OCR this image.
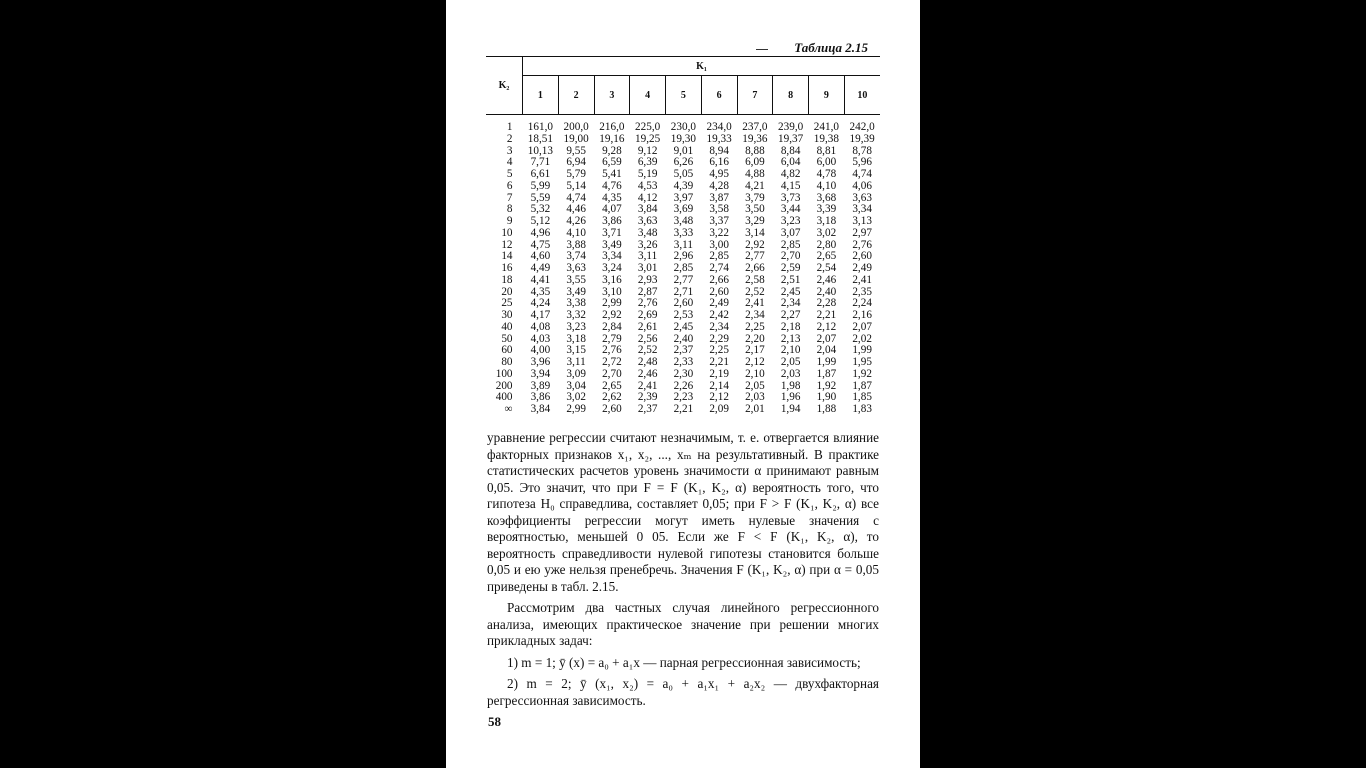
Таблица 2.15
K₂	K₁									
	1	2	3	4	5	6	7	8	9	10

1	161,0	200,0	216,0	225,0	230,0	234,0	237,0	239,0	241,0	242,0
2	18,51	19,00	19,16	19,25	19,30	19,33	19,36	19,37	19,38	19,39
3	10,13	9,55	9,28	9,12	9,01	8,94	8,88	8,84	8,81	8,78
4	7,71	6,94	6,59	6,39	6,26	6,16	6,09	6,04	6,00	5,96
5	6,61	5,79	5,41	5,19	5,05	4,95	4,88	4,82	4,78	4,74
6	5,99	5,14	4,76	4,53	4,39	4,28	4,21	4,15	4,10	4,06
7	5,59	4,74	4,35	4,12	3,97	3,87	3,79	3,73	3,68	3,63
8	5,32	4,46	4,07	3,84	3,69	3,58	3,50	3,44	3,39	3,34
9	5,12	4,26	3,86	3,63	3,48	3,37	3,29	3,23	3,18	3,13
10	4,96	4,10	3,71	3,48	3,33	3,22	3,14	3,07	3,02	2,97
12	4,75	3,88	3,49	3,26	3,11	3,00	2,92	2,85	2,80	2,76
14	4,60	3,74	3,34	3,11	2,96	2,85	2,77	2,70	2,65	2,60
16	4,49	3,63	3,24	3,01	2,85	2,74	2,66	2,59	2,54	2,49
18	4,41	3,55	3,16	2,93	2,77	2,66	2,58	2,51	2,46	2,41
20	4,35	3,49	3,10	2,87	2,71	2,60	2,52	2,45	2,40	2,35
25	4,24	3,38	2,99	2,76	2,60	2,49	2,41	2,34	2,28	2,24
30	4,17	3,32	2,92	2,69	2,53	2,42	2,34	2,27	2,21	2,16
40	4,08	3,23	2,84	2,61	2,45	2,34	2,25	2,18	2,12	2,07
50	4,03	3,18	2,79	2,56	2,40	2,29	2,20	2,13	2,07	2,02
60	4,00	3,15	2,76	2,52	2,37	2,25	2,17	2,10	2,04	1,99
80	3,96	3,11	2,72	2,48	2,33	2,21	2,12	2,05	1,99	1,95
100	3,94	3,09	2,70	2,46	2,30	2,19	2,10	2,03	1,87	1,92
200	3,89	3,04	2,65	2,41	2,26	2,14	2,05	1,98	1,92	1,87
400	3,86	3,02	2,62	2,39	2,23	2,12	2,03	1,96	1,90	1,85
∞	3,84	2,99	2,60	2,37	2,21	2,09	2,01	1,94	1,88	1,83

уравнение регрессии считают незначимым, т. е. отвергается влияние факторных признаков x₁, x₂, ..., xₘ на результативный. В практике статистических расчетов уровень значимости α принимают равным 0,05. Это значит, что при F = F (K₁, K₂, α) вероятность того, что гипотеза H₀ справедлива, составляет 0,05; при F > F (K₁, K₂, α) все коэффициенты регрессии могут иметь нулевые значения с вероятностью, меньшей 0 05. Если же F < F (K₁, K₂, α), то вероятность справедливости нулевой гипотезы становится больше 0,05 и ею уже нельзя пренебречь. Значения F (K₁, K₂, α) при α = 0,05 приведены в табл. 2.15.

Рассмотрим два частных случая линейного регрессионного анализа, имеющих практическое значение при решении многих прикладных задач:

1) m = 1; ȳ (x) = a₀ + a₁x — парная регрессионная зависимость;

2) m = 2; ȳ (x₁, x₂) = a₀ + a₁x₁ + a₂x₂ — двухфакторная регрессионная зависимость.

58
